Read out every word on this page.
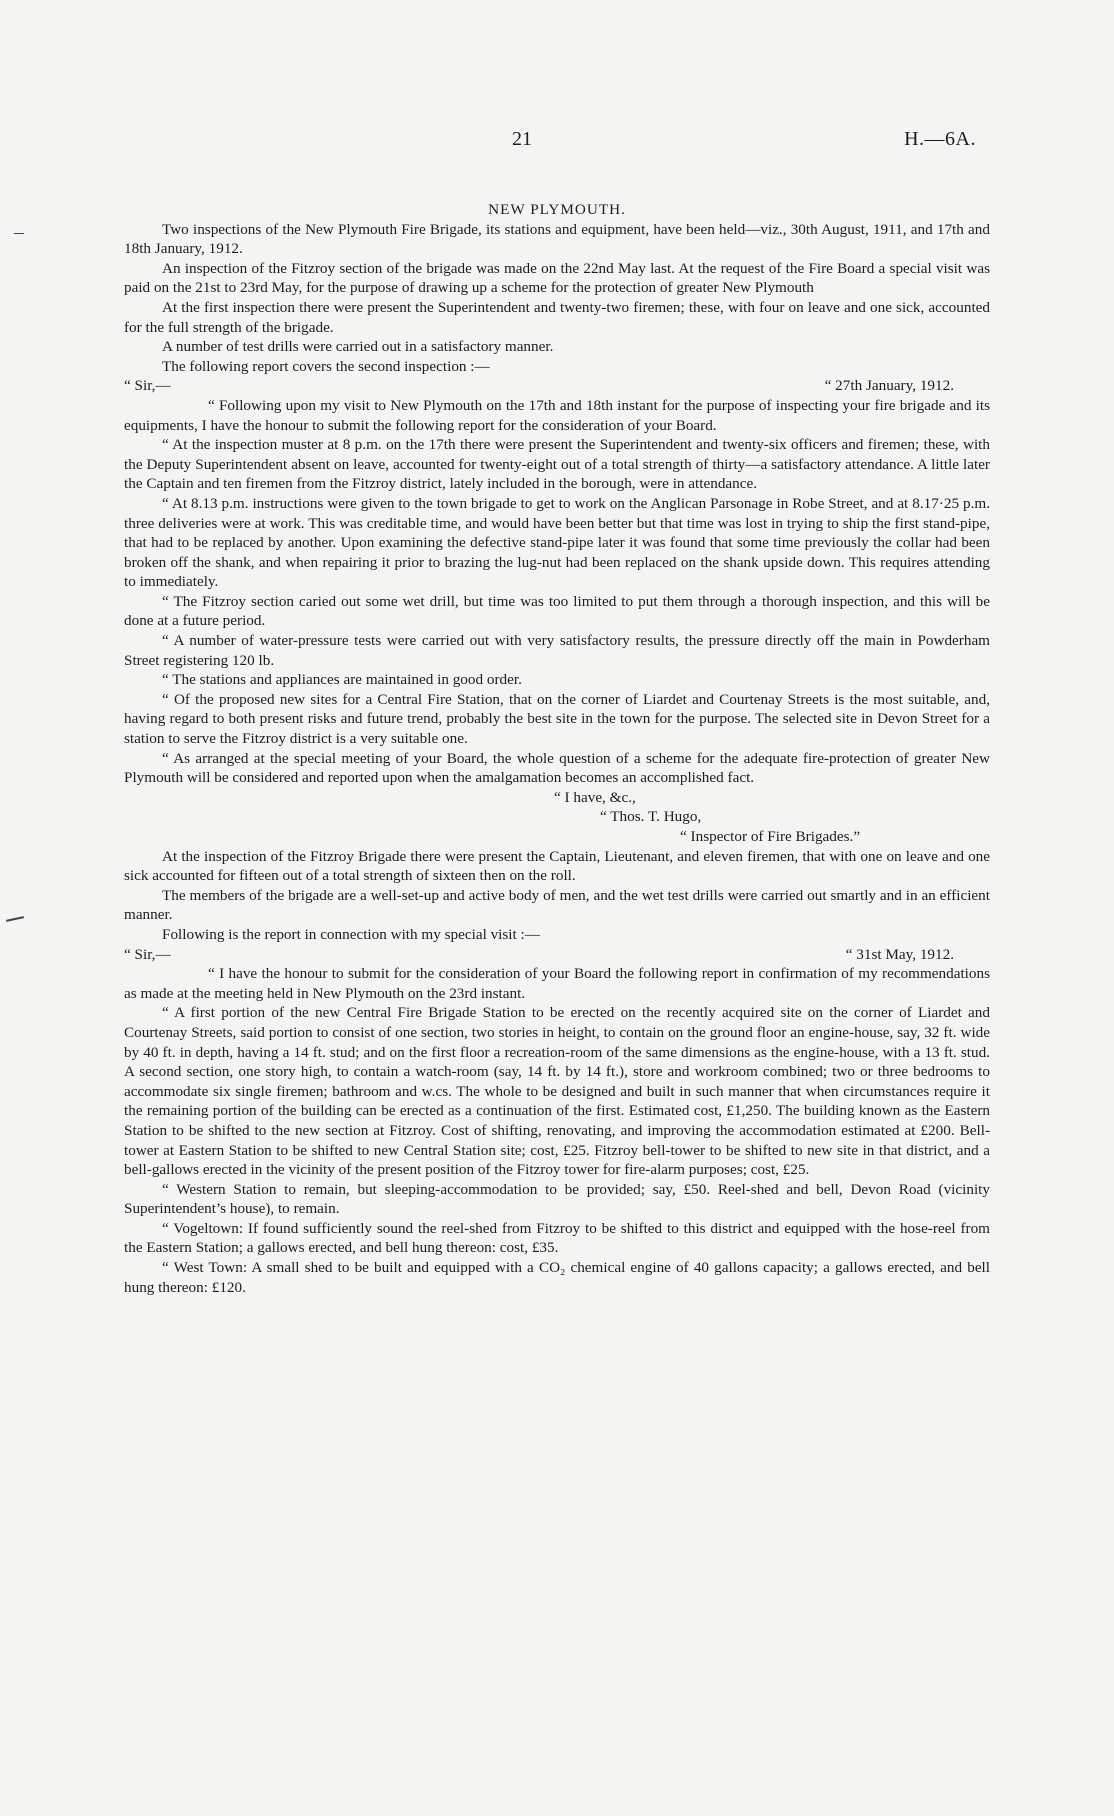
21	H.—6A.

NEW PLYMOUTH.

Two inspections of the New Plymouth Fire Brigade, its stations and equipment, have been held—viz., 30th August, 1911, and 17th and 18th January, 1912.

An inspection of the Fitzroy section of the brigade was made on the 22nd May last. At the request of the Fire Board a special visit was paid on the 21st to 23rd May, for the purpose of drawing up a scheme for the protection of greater New Plymouth

At the first inspection there were present the Superintendent and twenty-two firemen; these, with four on leave and one sick, accounted for the full strength of the brigade.

A number of test drills were carried out in a satisfactory manner.

The following report covers the second inspection :—

“ Sir,—	“ 27th January, 1912.

“ Following upon my visit to New Plymouth on the 17th and 18th instant for the purpose of inspecting your fire brigade and its equipments, I have the honour to submit the following report for the consideration of your Board.

“ At the inspection muster at 8 p.m. on the 17th there were present the Superintendent and twenty-six officers and firemen; these, with the Deputy Superintendent absent on leave, accounted for twenty-eight out of a total strength of thirty—a satisfactory attendance. A little later the Captain and ten firemen from the Fitzroy district, lately included in the borough, were in attendance.

“ At 8.13 p.m. instructions were given to the town brigade to get to work on the Anglican Parsonage in Robe Street, and at 8.17·25 p.m. three deliveries were at work. This was creditable time, and would have been better but that time was lost in trying to ship the first stand-pipe, that had to be replaced by another. Upon examining the defective stand-pipe later it was found that some time previously the collar had been broken off the shank, and when repairing it prior to brazing the lug-nut had been replaced on the shank upside down. This requires attending to immediately.

“ The Fitzroy section caried out some wet drill, but time was too limited to put them through a thorough inspection, and this will be done at a future period.

“ A number of water-pressure tests were carried out with very satisfactory results, the pressure directly off the main in Powderham Street registering 120 lb.

“ The stations and appliances are maintained in good order.

“ Of the proposed new sites for a Central Fire Station, that on the corner of Liardet and Courtenay Streets is the most suitable, and, having regard to both present risks and future trend, probably the best site in the town for the purpose. The selected site in Devon Street for a station to serve the Fitzroy district is a very suitable one.

“ As arranged at the special meeting of your Board, the whole question of a scheme for the adequate fire-protection of greater New Plymouth will be considered and reported upon when the amalgamation becomes an accomplished fact.

“ I have, &c.,

“ Thos. T. Hugo,

“ Inspector of Fire Brigades.”

At the inspection of the Fitzroy Brigade there were present the Captain, Lieutenant, and eleven firemen, that with one on leave and one sick accounted for fifteen out of a total strength of sixteen then on the roll.

The members of the brigade are a well-set-up and active body of men, and the wet test drills were carried out smartly and in an efficient manner.

Following is the report in connection with my special visit :—

“ Sir,—	“ 31st May, 1912.

“ I have the honour to submit for the consideration of your Board the following report in confirmation of my recommendations as made at the meeting held in New Plymouth on the 23rd instant.

“ A first portion of the new Central Fire Brigade Station to be erected on the recently acquired site on the corner of Liardet and Courtenay Streets, said portion to consist of one section, two stories in height, to contain on the ground floor an engine-house, say, 32 ft. wide by 40 ft. in depth, having a 14 ft. stud; and on the first floor a recreation-room of the same dimensions as the engine-house, with a 13 ft. stud. A second section, one story high, to contain a watch-room (say, 14 ft. by 14 ft.), store and workroom combined; two or three bedrooms to accommodate six single firemen; bathroom and w.cs. The whole to be designed and built in such manner that when circumstances require it the remaining portion of the building can be erected as a continuation of the first. Estimated cost, £1,250. The building known as the Eastern Station to be shifted to the new section at Fitzroy. Cost of shifting, renovating, and improving the accommodation estimated at £200. Bell-tower at Eastern Station to be shifted to new Central Station site; cost, £25. Fitzroy bell-tower to be shifted to new site in that district, and a bell-gallows erected in the vicinity of the present position of the Fitzroy tower for fire-alarm purposes; cost, £25.

“ Western Station to remain, but sleeping-accommodation to be provided; say, £50. Reel-shed and bell, Devon Road (vicinity Superintendent’s house), to remain.

“ Vogeltown: If found sufficiently sound the reel-shed from Fitzroy to be shifted to this district and equipped with the hose-reel from the Eastern Station; a gallows erected, and bell hung thereon: cost, £35.

“ West Town: A small shed to be built and equipped with a CO₂ chemical engine of 40 gallons capacity; a gallows erected, and bell hung thereon: £120.
